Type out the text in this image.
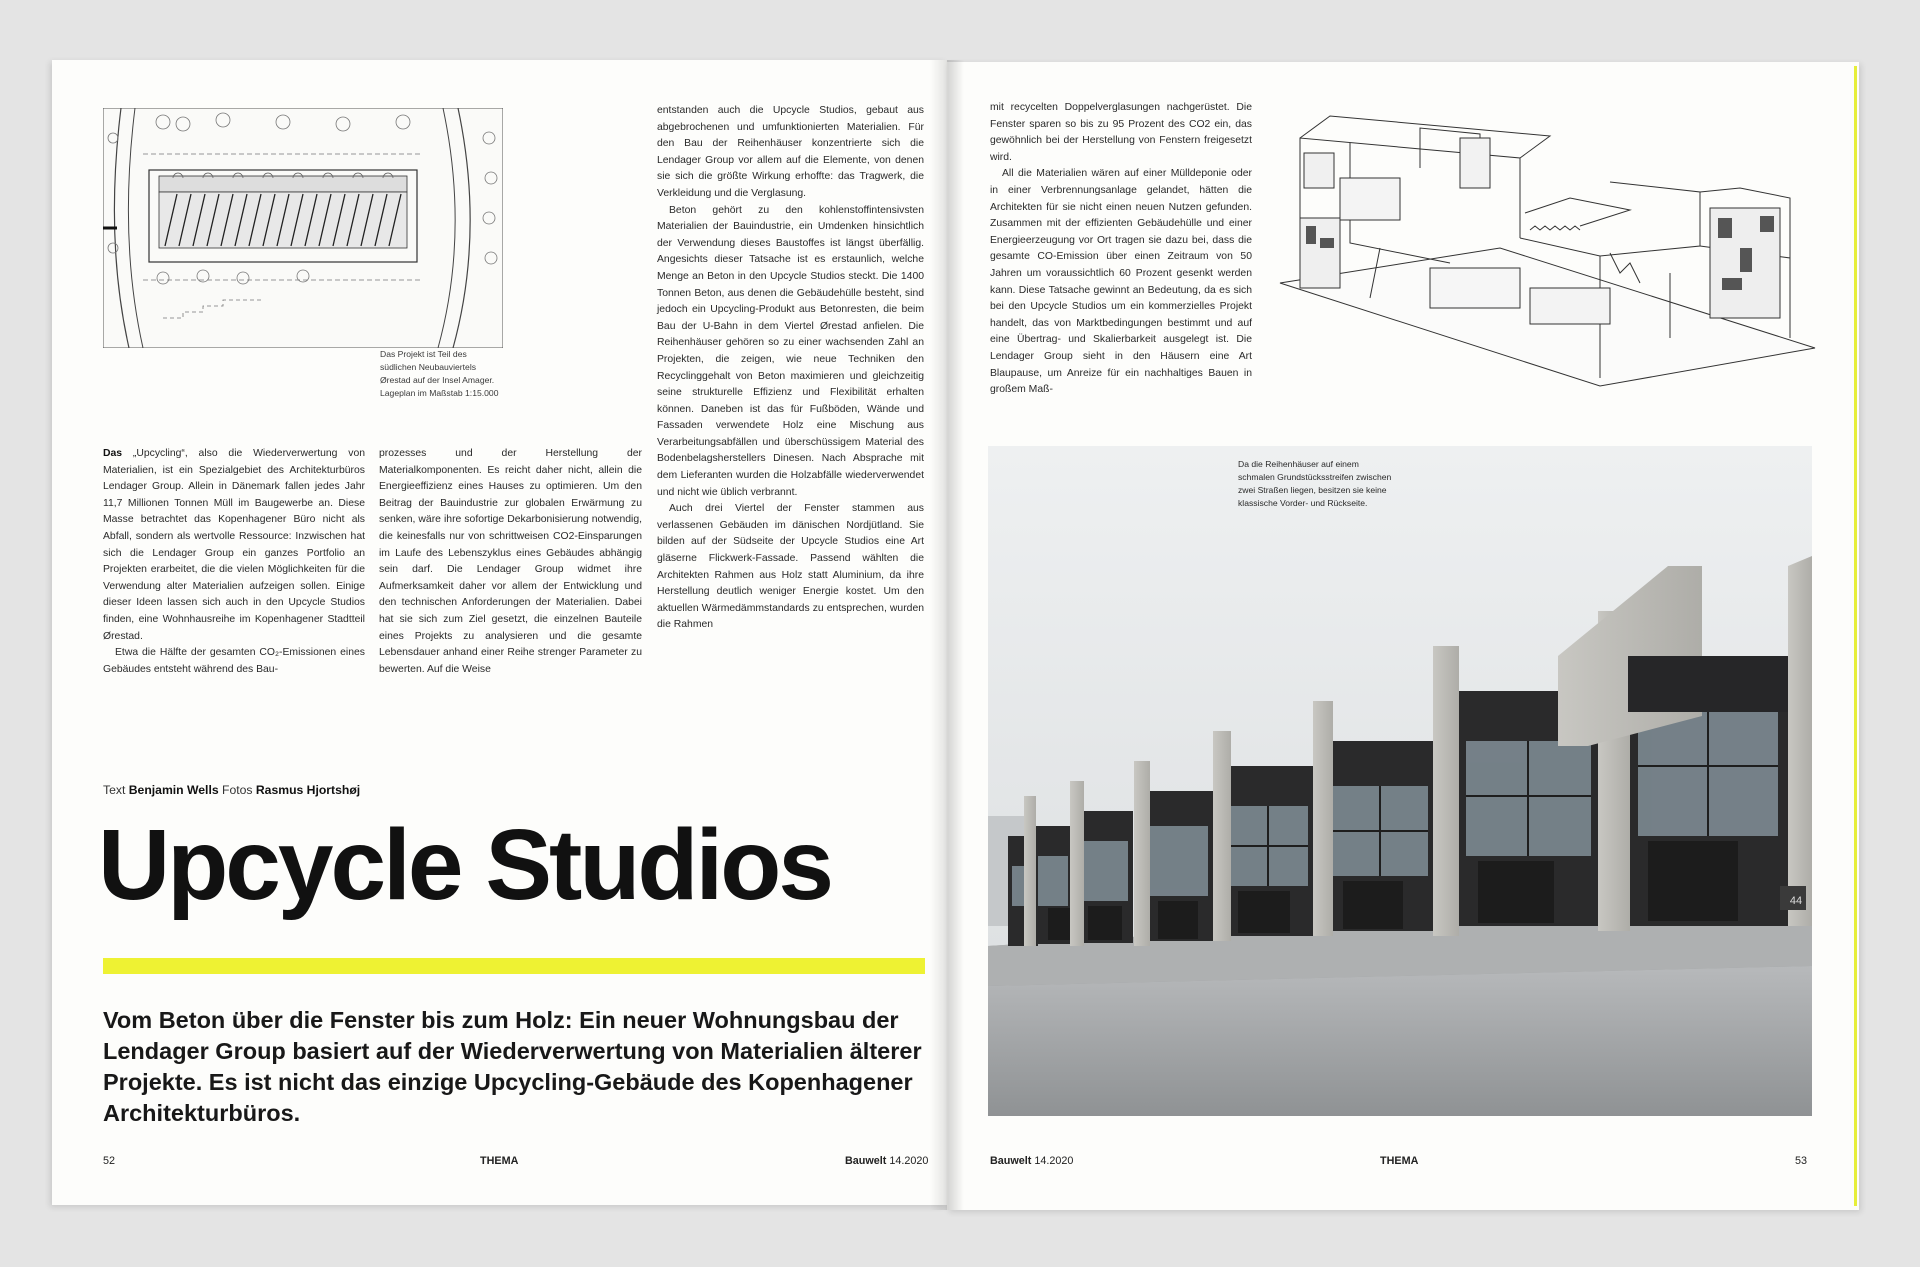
Das Projekt ist Teil des südlichen Neubauviertels Ørestad auf der Insel Amager. Lageplan im Maßstab 1:15.000

Das „Upcycling“, also die Wiederverwertung von Materialien, ist ein Spezialgebiet des Architekturbüros Lendager Group. Allein in Dänemark fallen jedes Jahr 11,7 Millionen Tonnen Müll im Baugewerbe an. Diese Masse betrachtet das Kopenhagener Büro nicht als Abfall, sondern als wertvolle Ressource: Inzwischen hat sich die Lendager Group ein ganzes Portfolio an Projekten erarbeitet, die die vielen Möglichkeiten für die Verwendung alter Materialien aufzeigen sollen. Einige dieser Ideen lassen sich auch in den Upcycle Studios finden, eine Wohnhausreihe im Kopenhagener Stadtteil Ørestad.

Etwa die Hälfte der gesamten CO₂-Emissionen eines Gebäudes entsteht während des Bau-

prozesses und der Herstellung der Materialkomponenten. Es reicht daher nicht, allein die Energieeffizienz eines Hauses zu optimieren. Um den Beitrag der Bauindustrie zur globalen Erwärmung zu senken, wäre ihre sofortige Dekarbonisierung notwendig, die keinesfalls nur von schrittweisen CO2-Einsparungen im Laufe des Lebenszyklus eines Gebäudes abhängig sein darf. Die Lendager Group widmet ihre Aufmerksamkeit daher vor allem der Entwicklung und den technischen Anforderungen der Materialien. Dabei hat sie sich zum Ziel gesetzt, die einzelnen Bauteile eines Projekts zu analysieren und die gesamte Lebensdauer anhand einer Reihe strenger Parameter zu bewerten. Auf die Weise

entstanden auch die Upcycle Studios, gebaut aus abgebrochenen und umfunktionierten Materialien. Für den Bau der Reihenhäuser konzentrierte sich die Lendager Group vor allem auf die Elemente, von denen sie sich die größte Wirkung erhoffte: das Tragwerk, die Verkleidung und die Verglasung.

Beton gehört zu den kohlenstoffintensivsten Materialien der Bauindustrie, ein Umdenken hinsichtlich der Verwendung dieses Baustoffes ist längst überfällig. Angesichts dieser Tatsache ist es erstaunlich, welche Menge an Beton in den Upcycle Studios steckt. Die 1400 Tonnen Beton, aus denen die Gebäudehülle besteht, sind jedoch ein Upcycling-Produkt aus Betonresten, die beim Bau der U-Bahn in dem Viertel Ørestad anfielen. Die Reihenhäuser gehören so zu einer wachsenden Zahl an Projekten, die zeigen, wie neue Techniken den Recyclinggehalt von Beton maximieren und gleichzeitig seine strukturelle Effizienz und Flexibilität erhalten können. Daneben ist das für Fußböden, Wände und Fassaden verwendete Holz eine Mischung aus Verarbeitungsabfällen und überschüssigem Material des Bodenbelagsherstellers Dinesen. Nach Absprache mit dem Lieferanten wurden die Holzabfälle wiederverwendet und nicht wie üblich verbrannt.

Auch drei Viertel der Fenster stammen aus verlassenen Gebäuden im dänischen Nordjütland. Sie bilden auf der Südseite der Upcycle Studios eine Art gläserne Flickwerk-Fassade. Passend wählten die Architekten Rahmen aus Holz statt Aluminium, da ihre Herstellung deutlich weniger Energie kostet. Um den aktuellen Wärmedämmstandards zu entsprechen, wurden die Rahmen

mit recycelten Doppelverglasungen nachgerüstet. Die Fenster sparen so bis zu 95 Prozent des CO2 ein, das gewöhnlich bei der Herstellung von Fenstern freigesetzt wird.

All die Materialien wären auf einer Mülldeponie oder in einer Verbrennungsanlage gelandet, hätten die Architekten für sie nicht einen neuen Nutzen gefunden. Zusammen mit der effizienten Gebäudehülle und einer Energieerzeugung vor Ort tragen sie dazu bei, dass die gesamte CO-Emission über einen Zeitraum von 50 Jahren um voraussichtlich 60 Prozent gesenkt werden kann. Diese Tatsache gewinnt an Bedeutung, da es sich bei den Upcycle Studios um ein kommerzielles Projekt handelt, das von Marktbedingungen bestimmt und auf eine Übertrag- und Skalierbarkeit ausgelegt ist. Die Lendager Group sieht in den Häusern eine Art Blaupause, um Anreize für ein nachhaltiges Bauen in großem Maß-

44
Da die Reihenhäuser auf einem schmalen Grundstücksstreifen zwischen zwei Straßen liegen, besitzen sie keine klassische Vorder- und Rückseite.
Text Benjamin Wells Fotos Rasmus Hjortshøj
Upcycle Studios
Vom Beton über die Fenster bis zum Holz: Ein neuer Wohnungsbau der Lendager Group basiert auf der Wiederverwertung von Materialien älterer Projekte. Es ist nicht das einzige Upcycling-Gebäude des Kopenhagener Architekturbüros.
52	THEMA	Bauwelt 14.2020	Bauwelt 14.2020	THEMA	53
